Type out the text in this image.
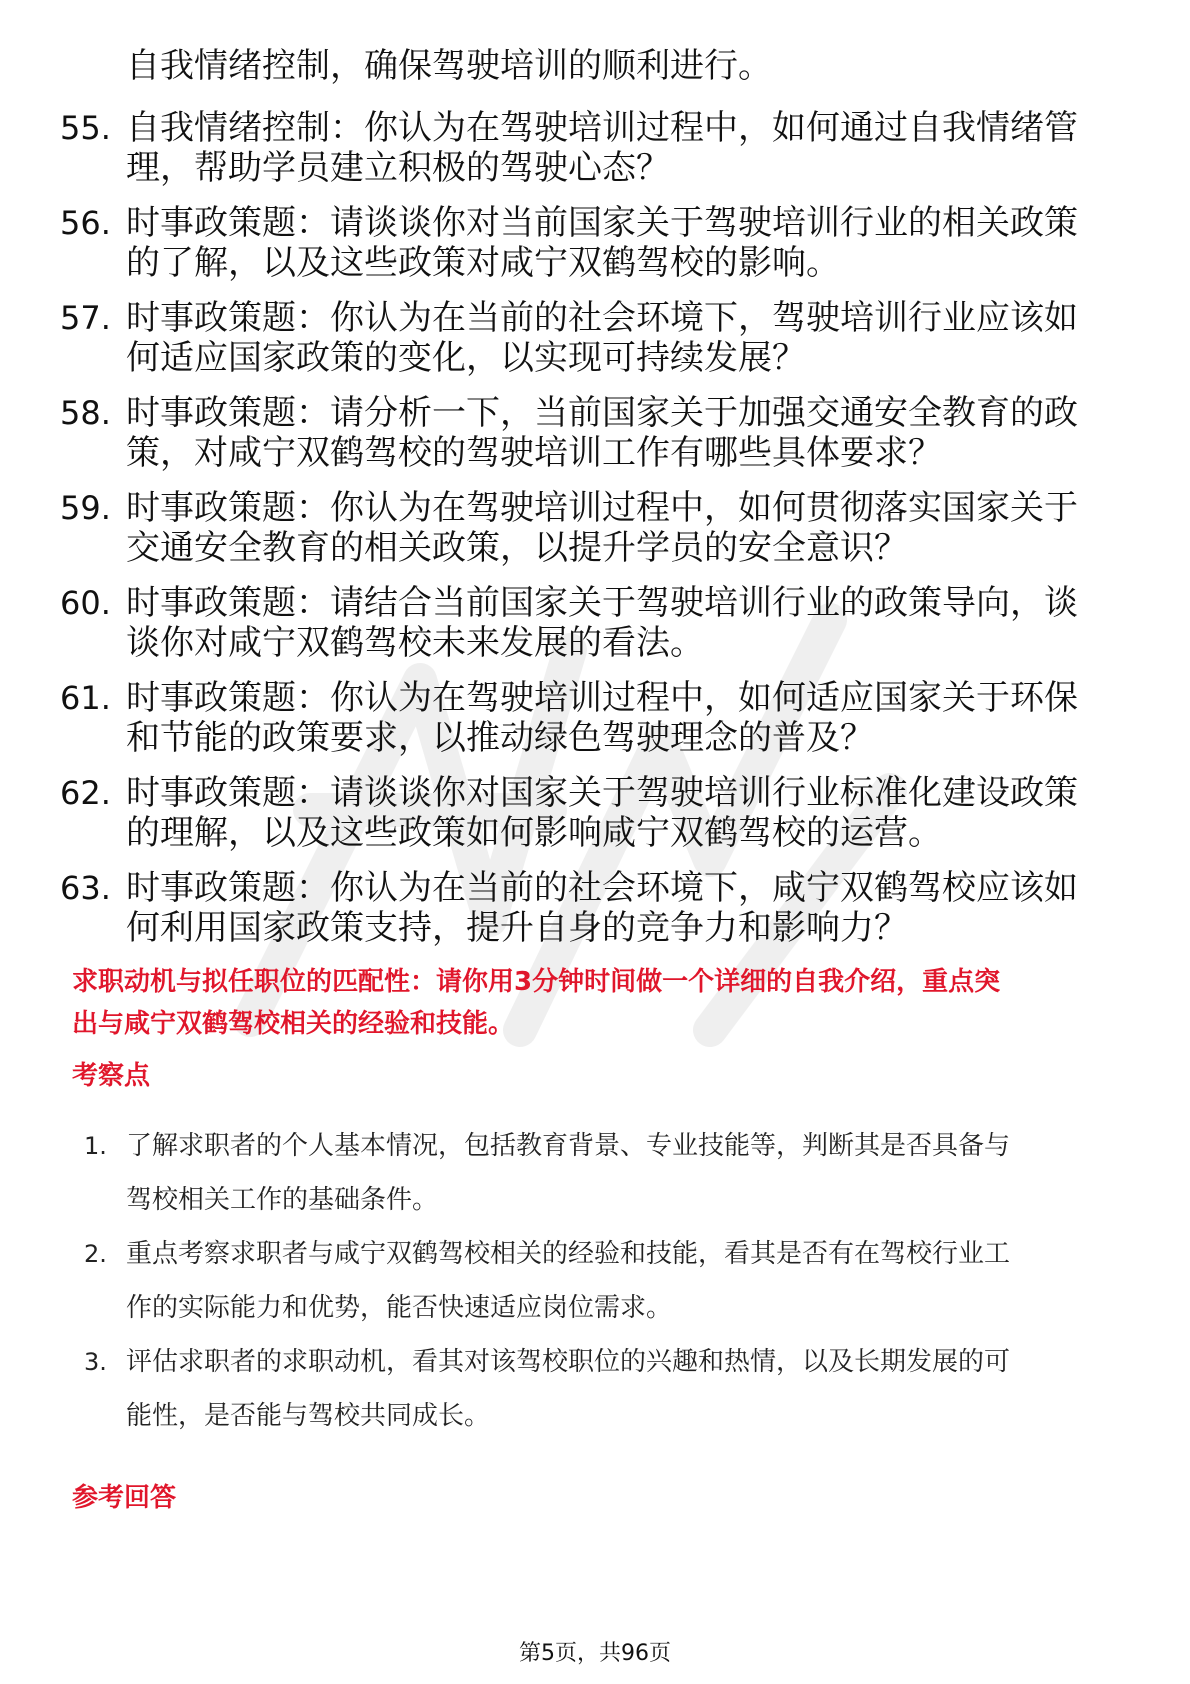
自我情绪控制，确保驾驶培训的顺利进行。
55. 自我情绪控制：你认为在驾驶培训过程中，如何通过自我情绪管
理，帮助学员建立积极的驾驶心态？
56. 时事政策题：请谈谈你对当前国家关于驾驶培训行业的相关政策
的了解，以及这些政策对咸宁双鹤驾校的影响。
57. 时事政策题：你认为在当前的社会环境下，驾驶培训行业应该如
何适应国家政策的变化，以实现可持续发展？
58. 时事政策题：请分析一下，当前国家关于加强交通安全教育的政
策，对咸宁双鹤驾校的驾驶培训工作有哪些具体要求？
59. 时事政策题：你认为在驾驶培训过程中，如何贯彻落实国家关于
交通安全教育的相关政策，以提升学员的安全意识？
60. 时事政策题：请结合当前国家关于驾驶培训行业的政策导向，谈
谈你对咸宁双鹤驾校未来发展的看法。
61. 时事政策题：你认为在驾驶培训过程中，如何适应国家关于环保
和节能的政策要求，以推动绿色驾驶理念的普及？
62. 时事政策题：请谈谈你对国家关于驾驶培训行业标准化建设政策
的理解，以及这些政策如何影响咸宁双鹤驾校的运营。
63. 时事政策题：你认为在当前的社会环境下，咸宁双鹤驾校应该如
何利用国家政策支持，提升自身的竞争力和影响力？
求职动机与拟任职位的匹配性：请你用3分钟时间做一个详细的自我介绍，重点突
出与咸宁双鹤驾校相关的经验和技能。
考察点
1. 了解求职者的个人基本情况，包括教育背景、专业技能等，判断其是否具备与
驾校相关工作的基础条件。
2. 重点考察求职者与咸宁双鹤驾校相关的经验和技能，看其是否有在驾校行业工
作的实际能力和优势，能否快速适应岗位需求。
3. 评估求职者的求职动机，看其对该驾校职位的兴趣和热情，以及长期发展的可
能性，是否能与驾校共同成长。
参考回答
第5页，共96页
